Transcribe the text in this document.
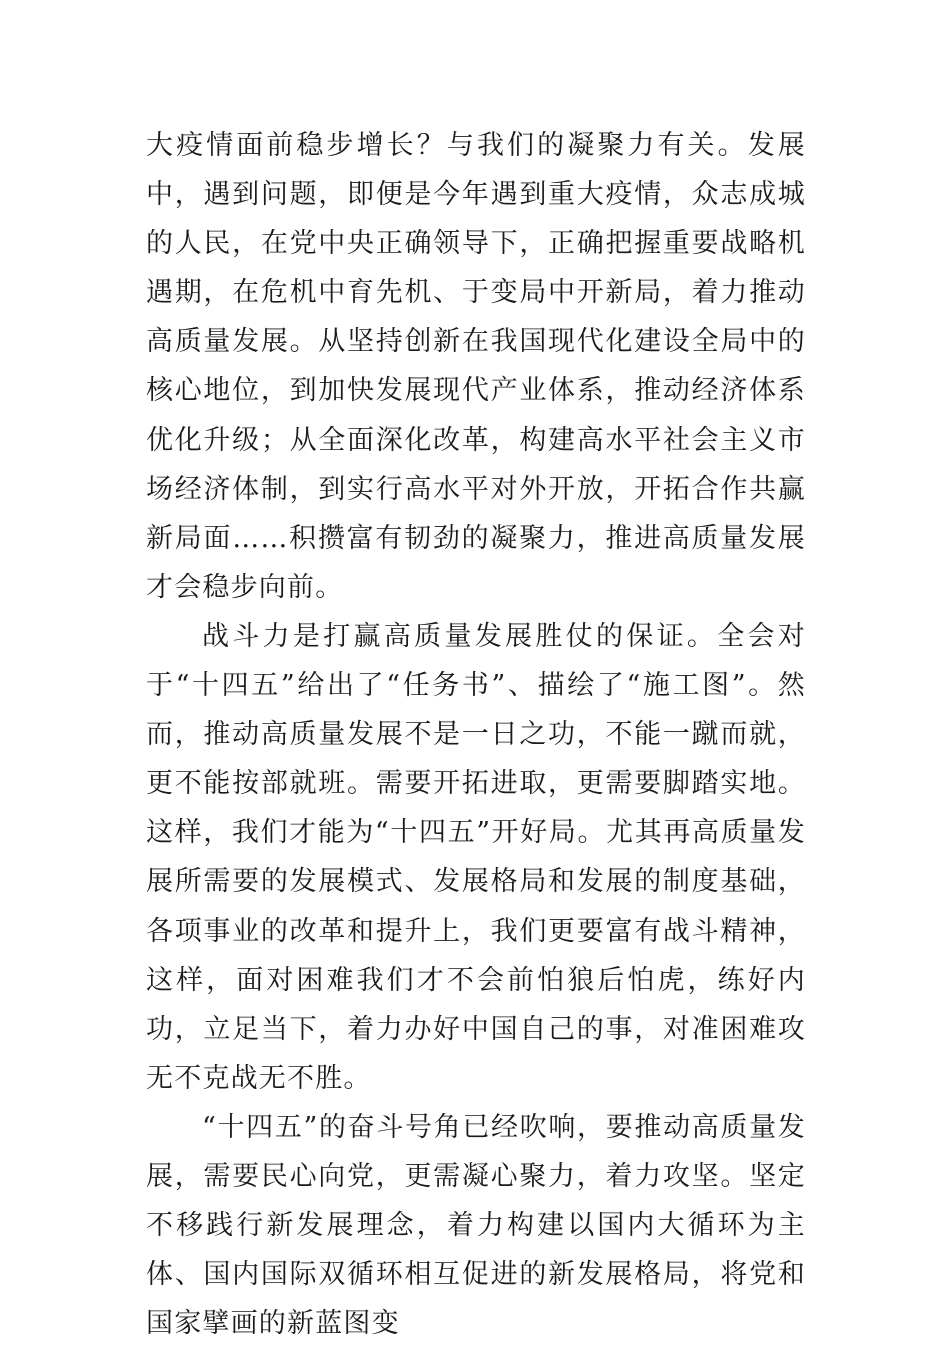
大疫情面前稳步增长？与我们的凝聚力有关。发展中，遇到问题，即便是今年遇到重大疫情，众志成城的人民，在党中央正确领导下，正确把握重要战略机遇期，在危机中育先机、于变局中开新局，着力推动高质量发展。从坚持创新在我国现代化建设全局中的核心地位，到加快发展现代产业体系，推动经济体系优化升级；从全面深化改革，构建高水平社会主义市场经济体制，到实行高水平对外开放，开拓合作共赢新局面……积攒富有韧劲的凝聚力，推进高质量发展才会稳步向前。

战斗力是打赢高质量发展胜仗的保证。全会对于“十四五”给出了“任务书”、描绘了“施工图”。然而，推动高质量发展不是一日之功，不能一蹴而就，更不能按部就班。需要开拓进取，更需要脚踏实地。这样，我们才能为“十四五”开好局。尤其再高质量发展所需要的发展模式、发展格局和发展的制度基础，各项事业的改革和提升上，我们更要富有战斗精神，这样，面对困难我们才不会前怕狼后怕虎，练好内功，立足当下，着力办好中国自己的事，对准困难攻无不克战无不胜。

“十四五”的奋斗号角已经吹响，要推动高质量发展，需要民心向党，更需凝心聚力，着力攻坚。坚定不移践行新发展理念，着力构建以国内大循环为主体、国内国际双循环相互促进的新发展格局，将党和国家擘画的新蓝图变
